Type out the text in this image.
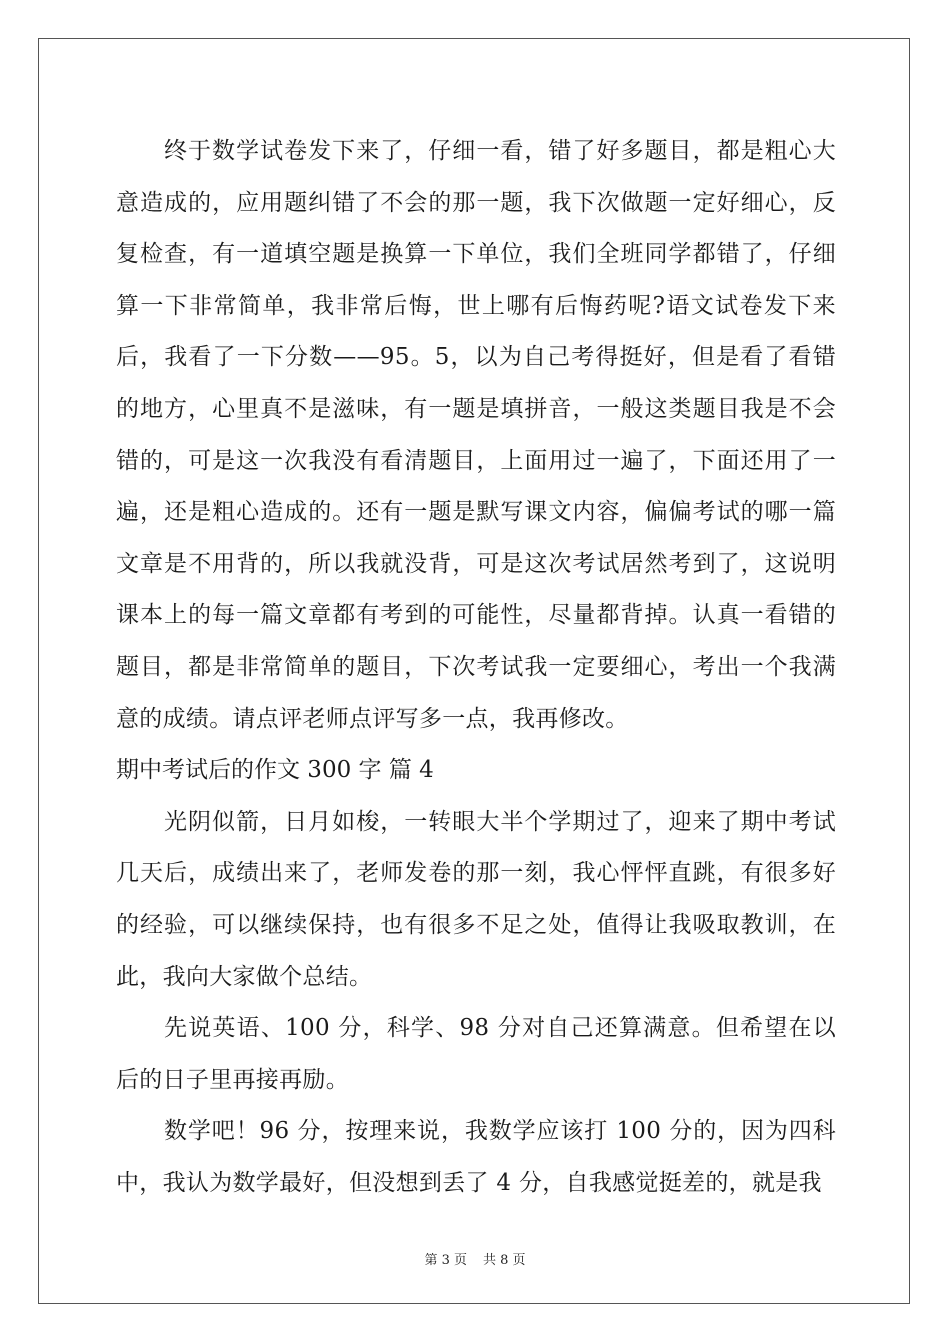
终于数学试卷发下来了，仔细一看，错了好多题目，都是粗心大意造成的，应用题纠错了不会的那一题，我下次做题一定好细心，反复检查，有一道填空题是换算一下单位，我们全班同学都错了，仔细算一下非常简单，我非常后悔，世上哪有后悔药呢?语文试卷发下来后，我看了一下分数——95。5，以为自己考得挺好，但是看了看错的地方，心里真不是滋味，有一题是填拼音，一般这类题目我是不会错的，可是这一次我没有看清题目，上面用过一遍了，下面还用了一遍，还是粗心造成的。还有一题是默写课文内容，偏偏考试的哪一篇文章是不用背的，所以我就没背，可是这次考试居然考到了，这说明课本上的每一篇文章都有考到的可能性，尽量都背掉。认真一看错的题目，都是非常简单的题目，下次考试我一定要细心，考出一个我满意的成绩。请点评老师点评写多一点，我再修改。

期中考试后的作文 300 字 篇 4

光阴似箭，日月如梭，一转眼大半个学期过了，迎来了期中考试几天后，成绩出来了，老师发卷的那一刻，我心怦怦直跳，有很多好的经验，可以继续保持，也有很多不足之处，值得让我吸取教训，在此，我向大家做个总结。

先说英语、100 分，科学、98 分对自己还算满意。但希望在以后的日子里再接再励。

数学吧！96 分，按理来说，我数学应该打 100 分的，因为四科中，我认为数学最好，但没想到丢了 4 分，自我感觉挺差的，就是我

第 3 页 共 8 页
